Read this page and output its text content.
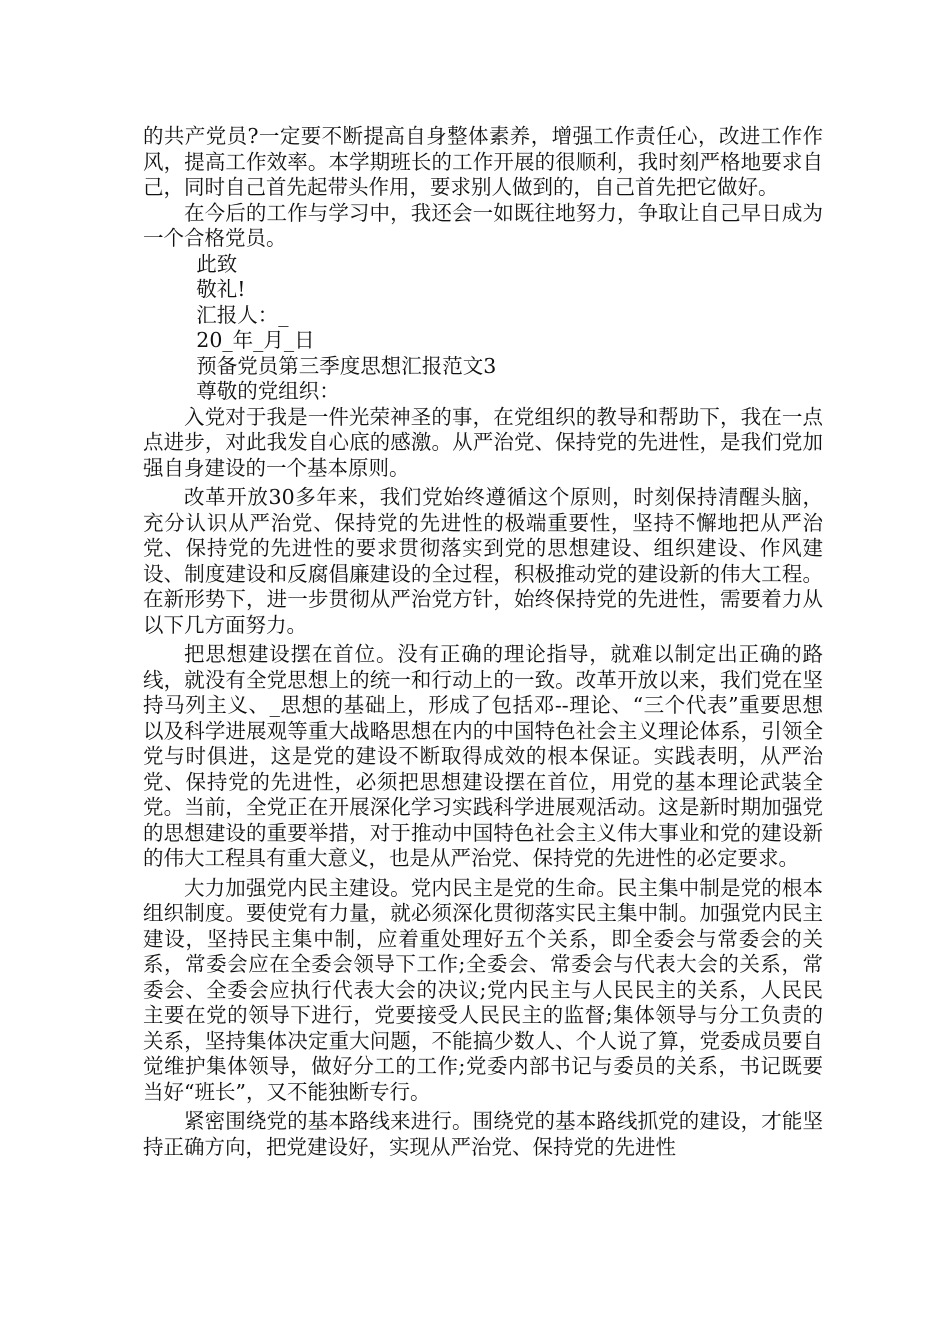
的共产党员?一定要不断提高自身整体素养，增强工作责任心，改进工作作风，提高工作效率。本学期班长的工作开展的很顺利，我时刻严格地要求自己，同时自己首先起带头作用，要求别人做到的，自己首先把它做好。

在今后的工作与学习中，我还会一如既往地努力，争取让自己早日成为一个合格党员。

此致

敬礼!

汇报人：_

20_年_月_日

预备党员第三季度思想汇报范文3

尊敬的党组织：

入党对于我是一件光荣神圣的事，在党组织的教导和帮助下，我在一点点进步，对此我发自心底的感激。从严治党、保持党的先进性，是我们党加强自身建设的一个基本原则。

改革开放30多年来，我们党始终遵循这个原则，时刻保持清醒头脑，充分认识从严治党、保持党的先进性的极端重要性，坚持不懈地把从严治党、保持党的先进性的要求贯彻落实到党的思想建设、组织建设、作风建设、制度建设和反腐倡廉建设的全过程，积极推动党的建设新的伟大工程。在新形势下，进一步贯彻从严治党方针，始终保持党的先进性，需要着力从以下几方面努力。

把思想建设摆在首位。没有正确的理论指导，就难以制定出正确的路线，就没有全党思想上的统一和行动上的一致。改革开放以来，我们党在坚持马列主义、_思想的基础上，形成了包括邓--理论、“三个代表”重要思想以及科学进展观等重大战略思想在内的中国特色社会主义理论体系，引领全党与时俱进，这是党的建设不断取得成效的根本保证。实践表明，从严治党、保持党的先进性，必须把思想建设摆在首位，用党的基本理论武装全党。当前，全党正在开展深化学习实践科学进展观活动。这是新时期加强党的思想建设的重要举措，对于推动中国特色社会主义伟大事业和党的建设新的伟大工程具有重大意义，也是从严治党、保持党的先进性的必定要求。

大力加强党内民主建设。党内民主是党的生命。民主集中制是党的根本组织制度。要使党有力量，就必须深化贯彻落实民主集中制。加强党内民主建设，坚持民主集中制，应着重处理好五个关系，即全委会与常委会的关系，常委会应在全委会领导下工作;全委会、常委会与代表大会的关系，常委会、全委会应执行代表大会的决议;党内民主与人民民主的关系，人民民主要在党的领导下进行，党要接受人民民主的监督;集体领导与分工负责的关系，坚持集体决定重大问题，不能搞少数人、个人说了算，党委成员要自觉维护集体领导，做好分工的工作;党委内部书记与委员的关系，书记既要当好“班长”，又不能独断专行。

紧密围绕党的基本路线来进行。围绕党的基本路线抓党的建设，才能坚持正确方向，把党建设好，实现从严治党、保持党的先进性
